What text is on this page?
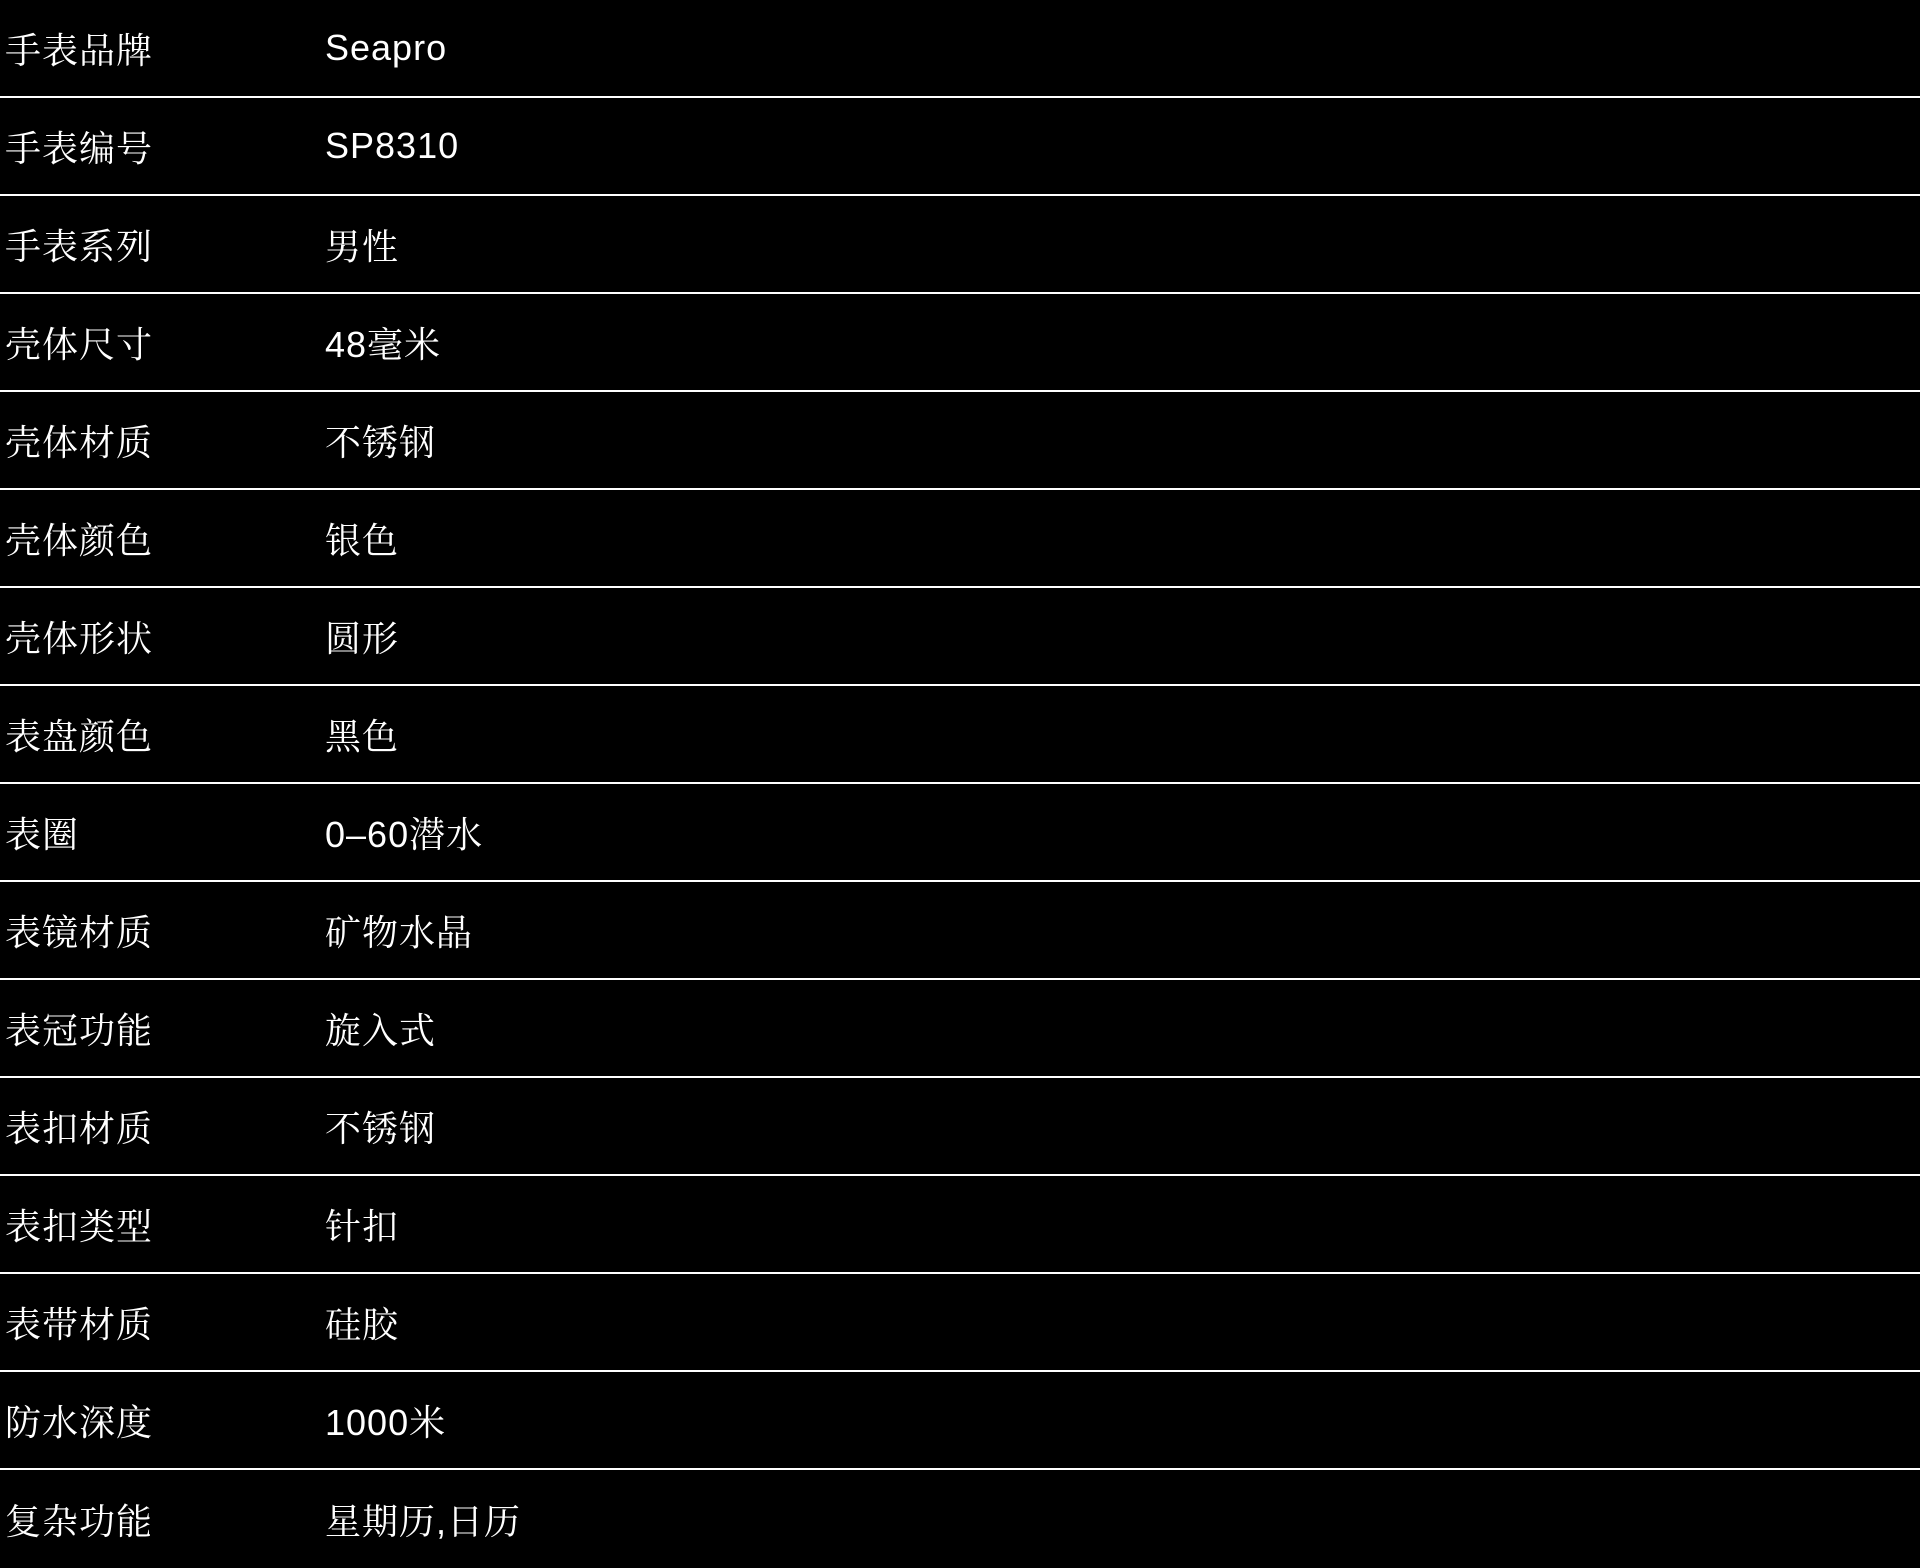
手表品牌	Seapro
手表编号	SP8310
手表系列	男性
壳体尺寸	48毫米
壳体材质	不锈钢
壳体颜色	银色
壳体形状	圆形
表盘颜色	黑色
表圈	0–60潜水
表镜材质	矿物水晶
表冠功能	旋入式
表扣材质	不锈钢
表扣类型	针扣
表带材质	硅胶
防水深度	1000米
复杂功能	星期历,日历
